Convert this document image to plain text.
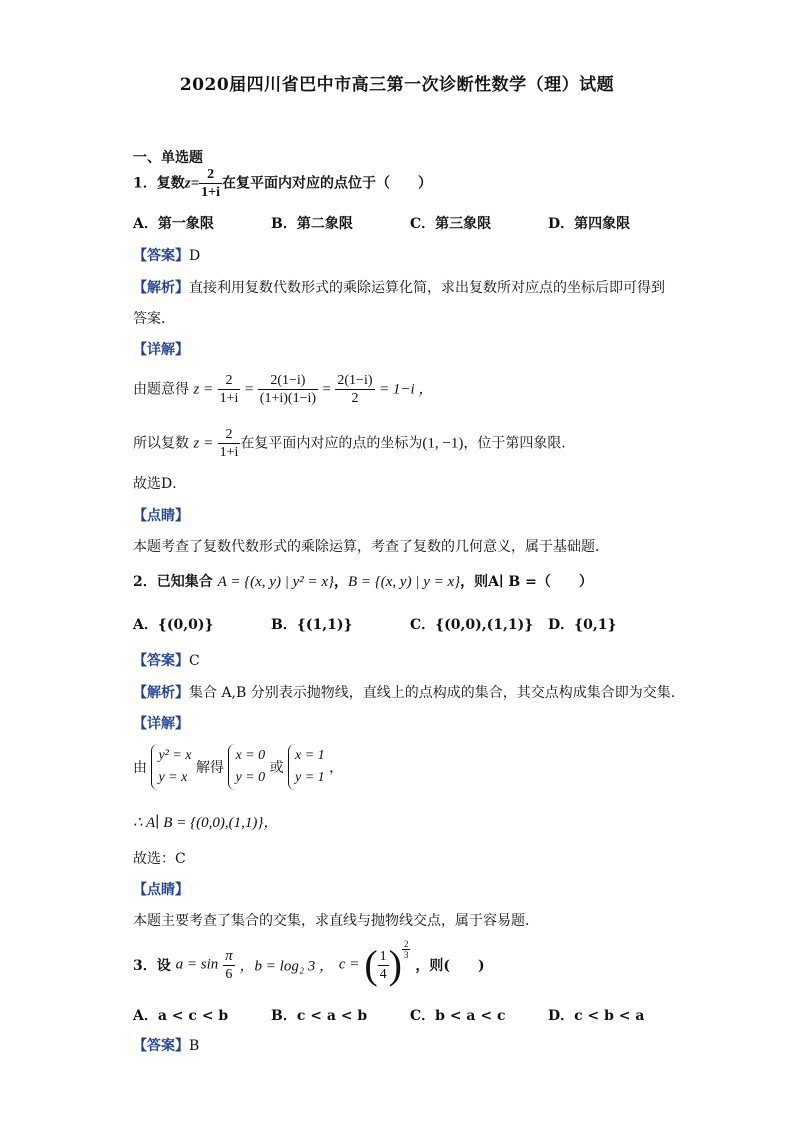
2020届四川省巴中市高三第一次诊断性数学（理）试题
一、单选题
1．复数$z= \frac{2}{1+i}$ 在复平面内对应的点位于（　　）
A．第一象限	B．第二象限	C．第三象限	D．第四象限
【答案】D
【解析】直接利用复数代数形式的乘除运算化简，求出复数所对应点的坐标后即可得到
答案．
【详解】
由题意得 $z = \frac{2}{1+i} = \frac{2(1-i)}{(1+i)(1-i)} = \frac{2(1-i)}{2} = 1-i$ ，
所以复数 $z = \frac{2}{1+i}$ 在复平面内对应的点的坐标为(1, −1)，位于第四象限．
故选D．
【点睛】
本题考查了复数代数形式的乘除运算，考查了复数的几何意义，属于基础题．
2．已知集合 A = {(x, y) | y² = x}，B = {(x, y) | y = x}，则A∣ B =（　　）
A．{(0,0)}	B．{(1,1)}	C．{(0,0),(1,1)} D．{0,1}
【答案】C
【解析】集合 A,B 分别表示抛物线，直线上的点构成的集合，其交点构成集合即为交集.
【详解】
由
y² = x
y = x
解得
x = 0
y = 0
或
x = 1
y = 1
，
∴ A∣ B = {(0,0),(1,1)}，
故选：C
【点睛】
本题主要考查了集合的交集，求直线与抛物线交点，属于容易题.
3．设 $a = \sin \frac{\pi}{6}$ ，b = log₂ 3 ， c = ( $\frac{1}{4}$ ) $\frac{2}{3}$
，则(　　)
A．a < c < b	B．c < a < b	C．b < a < c	D．c < b < a
【答案】B
